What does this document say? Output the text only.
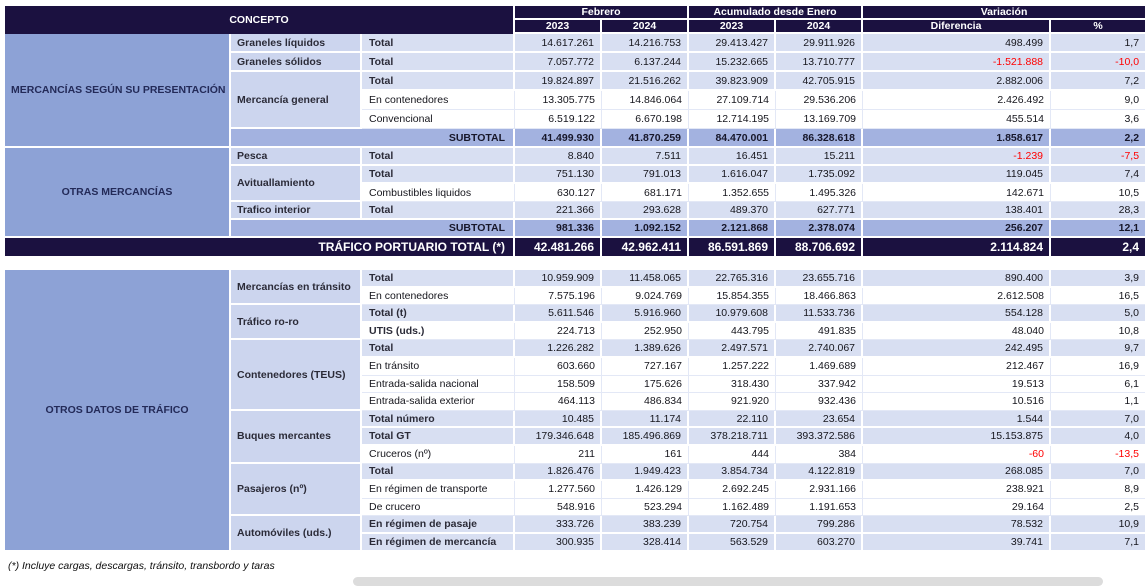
CONCEPTO			Febrero		Acumulado desde Enero		Variación	
			2023	2024	2023	2024	Diferencia	%
MERCANCÍAS SEGÚN SU PRESENTACIÓN	Graneles líquidos	Total	14.617.261	14.216.753	29.413.427	29.911.926	498.499	1,7
	Graneles sólidos	Total	7.057.772	6.137.244	15.232.665	13.710.777	-1.521.888	-10,0
	Mercancía general	Total	19.824.897	21.516.262	39.823.909	42.705.915	2.882.006	7,2
		En contenedores	13.305.775	14.846.064	27.109.714	29.536.206	2.426.492	9,0
		Convencional	6.519.122	6.670.198	12.714.195	13.169.709	455.514	3,6
	SUBTOTAL		41.499.930	41.870.259	84.470.001	86.328.618	1.858.617	2,2
OTRAS MERCANCÍAS	Pesca	Total	8.840	7.511	16.451	15.211	-1.239	-7,5
	Avituallamiento	Total	751.130	791.013	1.616.047	1.735.092	119.045	7,4
		Combustibles liquidos	630.127	681.171	1.352.655	1.495.326	142.671	10,5
	Trafico interior	Total	221.366	293.628	489.370	627.771	138.401	28,3
	SUBTOTAL		981.336	1.092.152	2.121.868	2.378.074	256.207	12,1
TRÁFICO PORTUARIO TOTAL (*)			42.481.266	42.962.411	86.591.869	88.706.692	2.114.824	2,4
OTROS DATOS DE TRÁFICO	Mercancías en tránsito	Total	10.959.909	11.458.065	22.765.316	23.655.716	890.400	3,9
		En contenedores	7.575.196	9.024.769	15.854.355	18.466.863	2.612.508	16,5
	Tráfico ro-ro	Total (t)	5.611.546	5.916.960	10.979.608	11.533.736	554.128	5,0
		UTIS (uds.)	224.713	252.950	443.795	491.835	48.040	10,8
	Contenedores (TEUS)	Total	1.226.282	1.389.626	2.497.571	2.740.067	242.495	9,7
		En tránsito	603.660	727.167	1.257.222	1.469.689	212.467	16,9
		Entrada-salida nacional	158.509	175.626	318.430	337.942	19.513	6,1
		Entrada-salida exterior	464.113	486.834	921.920	932.436	10.516	1,1
	Buques mercantes	Total número	10.485	11.174	22.110	23.654	1.544	7,0
		Total GT	179.346.648	185.496.869	378.218.711	393.372.586	15.153.875	4,0
		Cruceros (nº)	211	161	444	384	-60	-13,5
	Pasajeros (nº)	Total	1.826.476	1.949.423	3.854.734	4.122.819	268.085	7,0
		En régimen de transporte	1.277.560	1.426.129	2.692.245	2.931.166	238.921	8,9
		De crucero	548.916	523.294	1.162.489	1.191.653	29.164	2,5
	Automóviles (uds.)	En régimen de pasaje	333.726	383.239	720.754	799.286	78.532	10,9
		En régimen de mercancía	300.935	328.414	563.529	603.270	39.741	7,1
(*) Incluye cargas, descargas, tránsito, transbordo y taras
